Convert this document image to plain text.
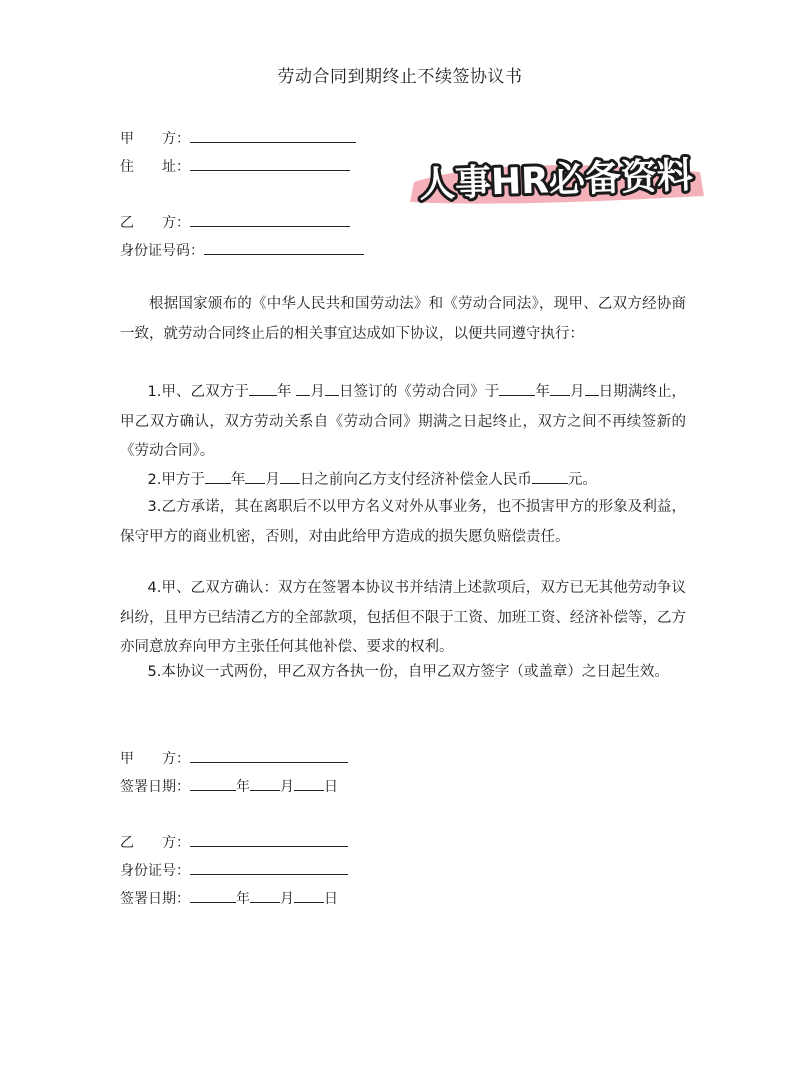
劳动合同到期终止不续签协议书
甲　　方：
住　　址：
乙　　方：
身份证号码：
人事HR必备资料

根据国家颁布的《中华人民共和国劳动法》和《劳动合同法》，现甲、乙双方经协商一致，就劳动合同终止后的相关事宜达成如下协议，以便共同遵守执行：

1.甲、乙双方于 年 月 日签订的《劳动合同》于 年 月 日期满终止，甲乙双方确认，双方劳动关系自《劳动合同》期满之日起终止，双方之间不再续签新的《劳动合同》。

2.甲方于 年 月 日之前向乙方支付经济补偿金人民币 元。

3.乙方承诺，其在离职后不以甲方名义对外从事业务，也不损害甲方的形象及利益，保守甲方的商业机密，否则，对由此给甲方造成的损失愿负赔偿责任。

4.甲、乙双方确认：双方在签署本协议书并结清上述款项后，双方已无其他劳动争议纠纷，且甲方已结清乙方的全部款项，包括但不限于工资、加班工资、经济补偿等，乙方亦同意放弃向甲方主张任何其他补偿、要求的权利。

5.本协议一式两份，甲乙双方各执一份，自甲乙双方签字（或盖章）之日起生效。

甲　　方：
签署日期：	年 月 日
乙　　方：
身份证号：
签署日期：	年 月 日
